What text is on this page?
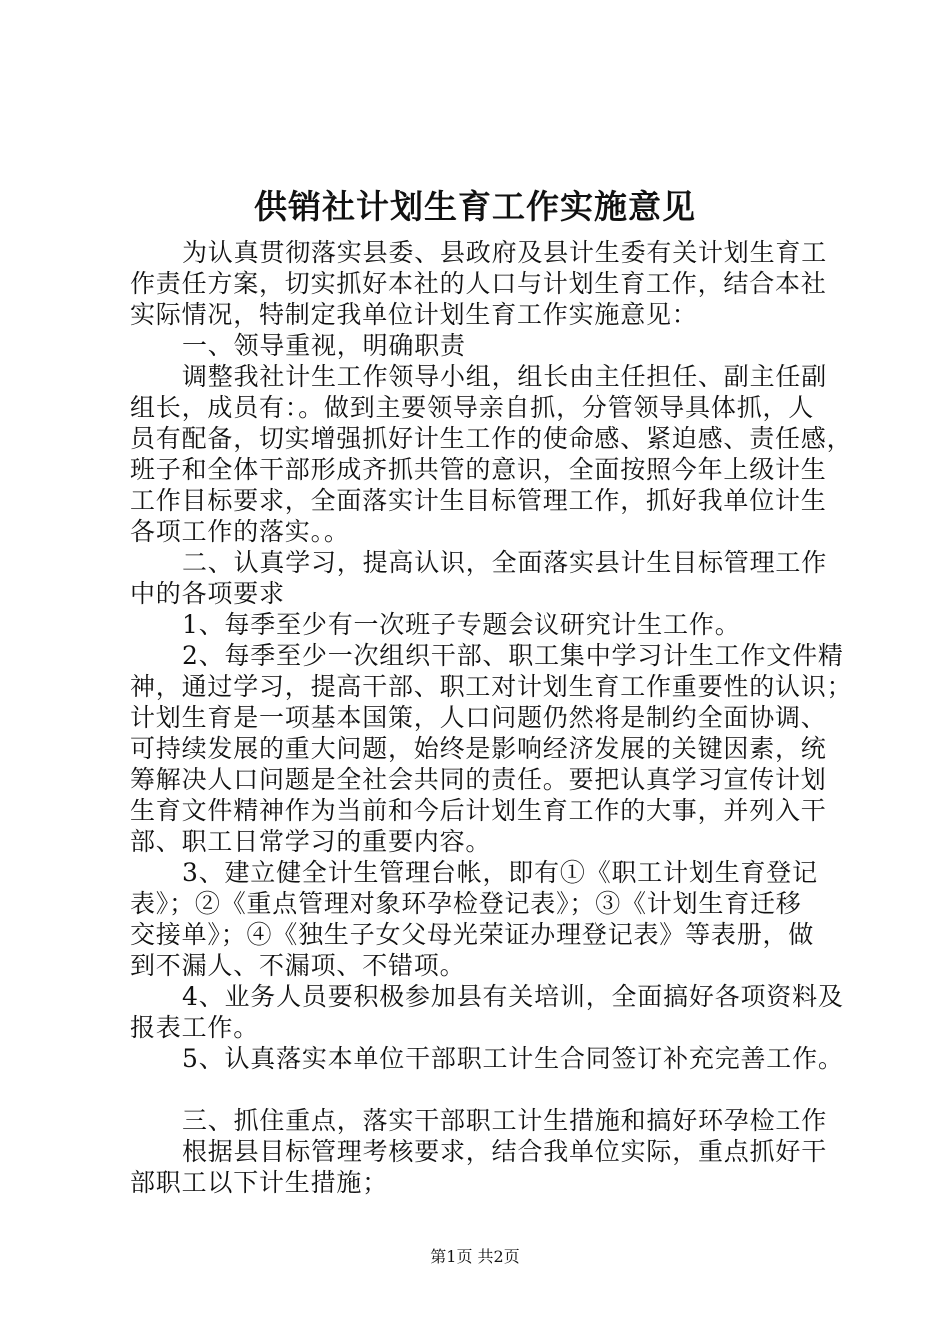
供销社计划生育工作实施意见
为认真贯彻落实县委、县政府及县计生委有关计划生育工
作责任方案，切实抓好本社的人口与计划生育工作，结合本社
实际情况，特制定我单位计划生育工作实施意见：
一、领导重视，明确职责
调整我社计生工作领导小组，组长由主任担任、副主任副
组长，成员有：。做到主要领导亲自抓，分管领导具体抓，人
员有配备，切实增强抓好计生工作的使命感、紧迫感、责任感，
班子和全体干部形成齐抓共管的意识，全面按照今年上级计生
工作目标要求，全面落实计生目标管理工作，抓好我单位计生
各项工作的落实。。
二、认真学习，提高认识，全面落实县计生目标管理工作
中的各项要求
1、每季至少有一次班子专题会议研究计生工作。
2、每季至少一次组织干部、职工集中学习计生工作文件精
神，通过学习，提高干部、职工对计划生育工作重要性的认识；
计划生育是一项基本国策，人口问题仍然将是制约全面协调、
可持续发展的重大问题，始终是影响经济发展的关键因素，统
筹解决人口问题是全社会共同的责任。要把认真学习宣传计划
生育文件精神作为当前和今后计划生育工作的大事，并列入干
部、职工日常学习的重要内容。
3、建立健全计生管理台帐，即有①《职工计划生育登记
表》；②《重点管理对象环孕检登记表》；③《计划生育迁移
交接单》；④《独生子女父母光荣证办理登记表》等表册，做
到不漏人、不漏项、不错项。
4、业务人员要积极参加县有关培训，全面搞好各项资料及
报表工作。
5、认真落实本单位干部职工计生合同签订补充完善工作。
三、抓住重点，落实干部职工计生措施和搞好环孕检工作
根据县目标管理考核要求，结合我单位实际，重点抓好干
部职工以下计生措施；
第1页 共2页
